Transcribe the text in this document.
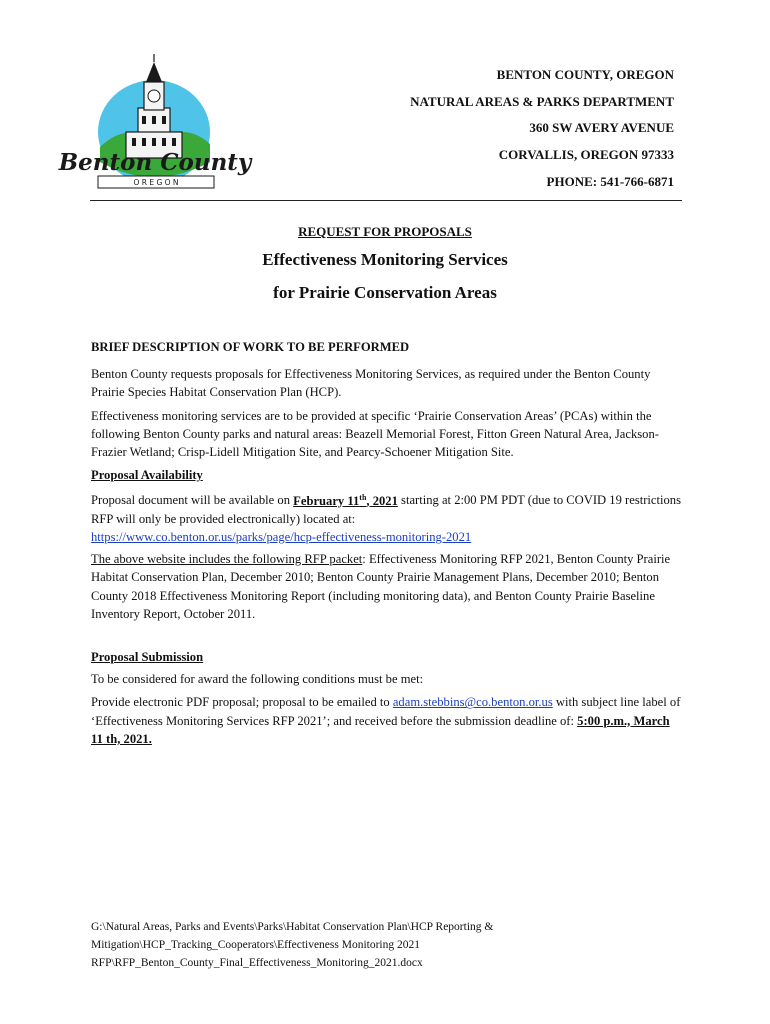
Benton County
O R E G O N
BENTON COUNTY, OREGON
NATURAL AREAS & PARKS DEPARTMENT
360 SW AVERY AVENUE
CORVALLIS, OREGON 97333
PHONE: 541-766-6871
REQUEST FOR PROPOSALS
Effectiveness Monitoring Services
for Prairie Conservation Areas

BRIEF DESCRIPTION OF WORK TO BE PERFORMED

Benton County requests proposals for Effectiveness Monitoring Services, as required under the Benton County Prairie Species Habitat Conservation Plan (HCP).

Effectiveness monitoring services are to be provided at specific ‘Prairie Conservation Areas’ (PCAs) within the following Benton County parks and natural areas: Beazell Memorial Forest, Fitton Green Natural Area, Jackson-Frazier Wetland; Crisp-Lidell Mitigation Site, and Pearcy-Schoener Mitigation Site.

Proposal Availability

Proposal document will be available on February 11th, 2021 starting at 2:00 PM PDT (due to COVID 19 restrictions RFP will only be provided electronically) located at:
https://www.co.benton.or.us/parks/page/hcp-effectiveness-monitoring-2021

The above website includes the following RFP packet: Effectiveness Monitoring RFP 2021, Benton County Prairie Habitat Conservation Plan, December 2010; Benton County Prairie Management Plans, December 2010; Benton County 2018 Effectiveness Monitoring Report (including monitoring data), and Benton County Prairie Baseline Inventory Report, October 2011.

Proposal Submission

To be considered for award the following conditions must be met:

Provide electronic PDF proposal; proposal to be emailed to adam.stebbins@co.benton.or.us with subject line label of ‘Effectiveness Monitoring Services RFP 2021’; and received before the submission deadline of: 5:00 p.m., March 11 th, 2021.

G:\Natural Areas, Parks and Events\Parks\Habitat Conservation Plan\HCP Reporting &
Mitigation\HCP_Tracking_Cooperators\Effectiveness Monitoring 2021
RFP\RFP_Benton_County_Final_Effectiveness_Monitoring_2021.docx
